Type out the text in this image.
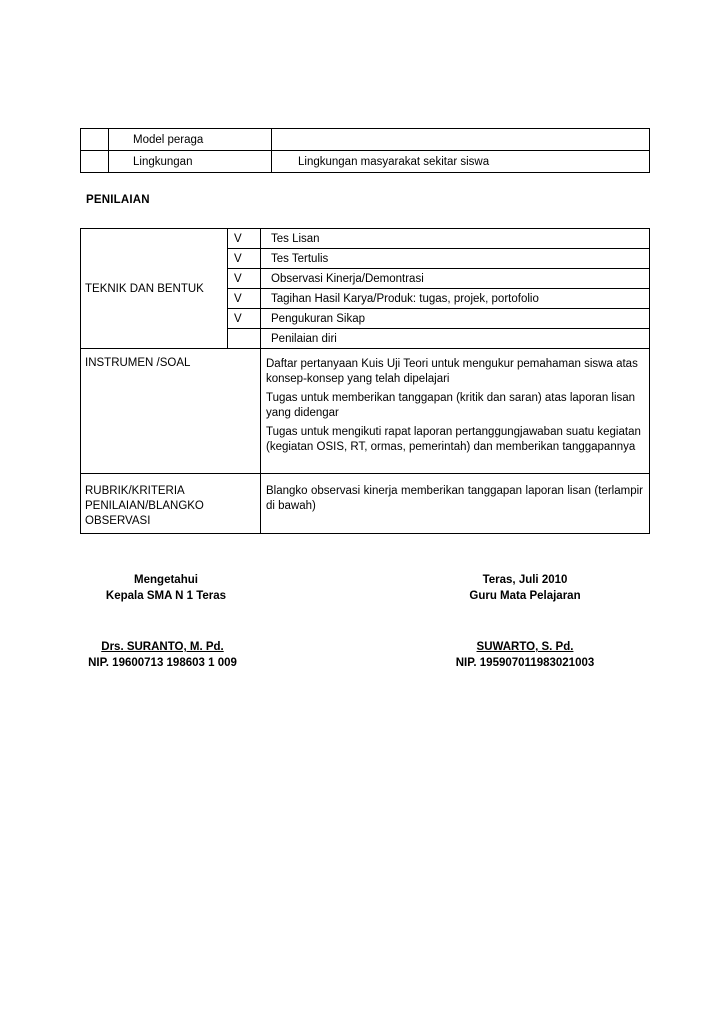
	Model peraga	
	Lingkungan	Lingkungan masyarakat sekitar siswa
PENILAIAN
TEKNIK DAN BENTUK	V	Tes Lisan
	V	Tes Tertulis
	V	Observasi Kinerja/Demontrasi
	V	Tagihan Hasil Karya/Produk: tugas, projek, portofolio
	V	Pengukuran Sikap
		Penilaian diri
INSTRUMEN /SOAL		Daftar pertanyaan Kuis Uji Teori untuk mengukur pemahaman siswa atas konsep-konsep yang telah dipelajari
Tugas untuk memberikan tanggapan (kritik dan saran) atas laporan lisan yang didengar
Tugas untuk mengikuti rapat laporan pertanggungjawaban suatu kegiatan (kegiatan OSIS, RT, ormas, pemerintah) dan memberikan tanggapannya

RUBRIK/KRITERIA
PENILAIAN/BLANGKO
OBSERVASI		Blangko observasi kinerja memberikan tanggapan laporan lisan (terlampir di bawah)
Mengetahui
Kepala SMA N 1 Teras
Teras, Juli 2010
Guru Mata Pelajaran
Drs. SURANTO, M. Pd.
NIP. 19600713 198603 1 009
SUWARTO, S. Pd.
NIP. 195907011983021003
